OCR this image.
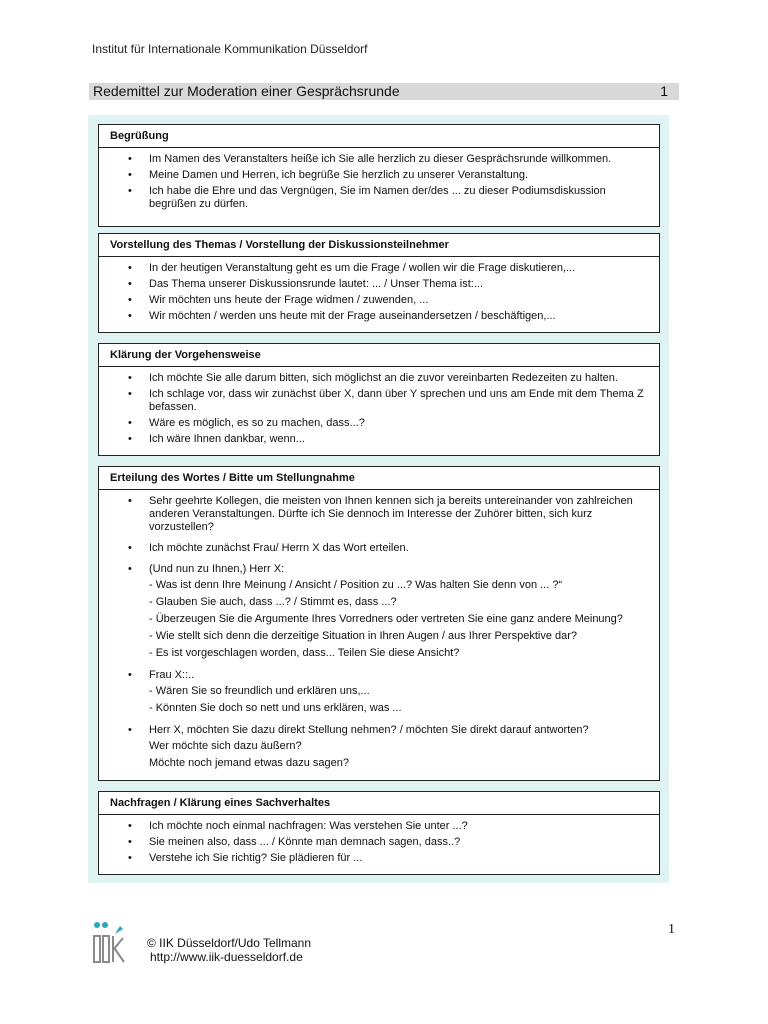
Institut für Internationale Kommunikation Düsseldorf
Redemittel zur Moderation einer Gesprächsrunde	1
Begrüßung
• Im Namen des Veranstalters heiße ich Sie alle herzlich zu dieser Gesprächsrunde willkommen.
• Meine Damen und Herren, ich begrüße Sie herzlich zu unserer Veranstaltung.
• Ich habe die Ehre und das Vergnügen, Sie im Namen der/des ... zu dieser Podiumsdiskussion begrüßen zu dürfen.
Vorstellung des Themas / Vorstellung der Diskussionsteilnehmer
• In der heutigen Veranstaltung geht es um die Frage / wollen wir die Frage diskutieren,...
• Das Thema unserer Diskussionsrunde lautet: ... / Unser Thema ist:...
• Wir möchten uns heute der Frage widmen / zuwenden, ...
• Wir möchten / werden uns heute mit der Frage auseinandersetzen / beschäftigen,...
Klärung der Vorgehensweise
• Ich möchte Sie alle darum bitten, sich möglichst an die zuvor vereinbarten Redezeiten zu halten.
• Ich schlage vor, dass wir zunächst über X, dann über Y sprechen und uns am Ende mit dem Thema Z befassen.
• Wäre es möglich, es so zu machen, dass...?
• Ich wäre Ihnen dankbar, wenn...
Erteilung des Wortes / Bitte um Stellungnahme
• Sehr geehrte Kollegen, die meisten von Ihnen kennen sich ja bereits untereinander von zahlreichen anderen Veranstaltungen. Dürfte ich Sie dennoch im Interesse der Zuhörer bitten, sich kurz vorzustellen?
• Ich möchte zunächst Frau/ Herrn X das Wort erteilen.
• (Und nun zu Ihnen,) Herr X:
- Was ist denn Ihre Meinung / Ansicht / Position zu ...? Was halten Sie denn von ... ?“
- Glauben Sie auch, dass ...? / Stimmt es, dass ...?
- Überzeugen Sie die Argumente Ihres Vorredners oder vertreten Sie eine ganz andere Meinung?
- Wie stellt sich denn die derzeitige Situation in Ihren Augen / aus Ihrer Perspektive dar?
- Es ist vorgeschlagen worden, dass... Teilen Sie diese Ansicht?
• Frau X::..
- Wären Sie so freundlich und erklären uns,...
- Könnten Sie doch so nett und uns erklären, was ...
• Herr X, möchten Sie dazu direkt Stellung nehmen? / möchten Sie direkt darauf antworten?
Wer möchte sich dazu äußern?
Möchte noch jemand etwas dazu sagen?
Nachfragen / Klärung eines Sachverhaltes
• Ich möchte noch einmal nachfragen: Was verstehen Sie unter ...?
• Sie meinen also, dass ... / Könnte man demnach sagen, dass..?
• Verstehe ich Sie richtig? Sie plädieren für ...
© IIK Düsseldorf/Udo Tellmann
http://www.iik-duesseldorf.de
1
